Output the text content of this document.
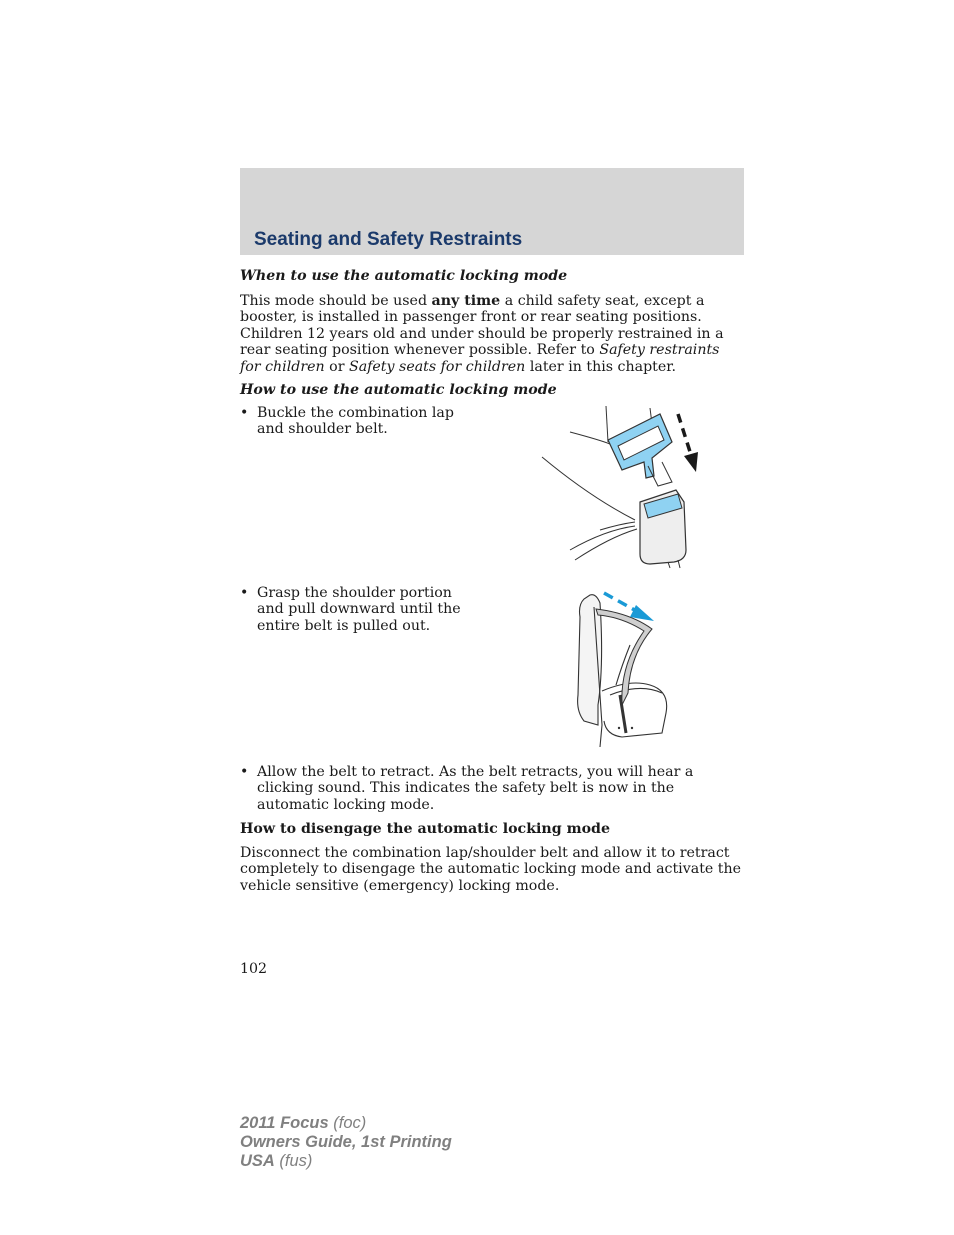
Seating and Safety Restraints
When to use the automatic locking mode
This mode should be used any time a child safety seat, except a booster, is installed in passenger front or rear seating positions. Children 12 years old and under should be properly restrained in a rear seating position whenever possible. Refer to Safety restraints for children or Safety seats for children later in this chapter.
How to use the automatic locking mode
• Buckle the combination lap and shoulder belt.
• Grasp the shoulder portion and pull downward until the entire belt is pulled out.
• Allow the belt to retract. As the belt retracts, you will hear a clicking sound. This indicates the safety belt is now in the automatic locking mode.
How to disengage the automatic locking mode
Disconnect the combination lap/shoulder belt and allow it to retract completely to disengage the automatic locking mode and activate the vehicle sensitive (emergency) locking mode.
102
2011 Focus (foc)
Owners Guide, 1st Printing
USA (fus)
